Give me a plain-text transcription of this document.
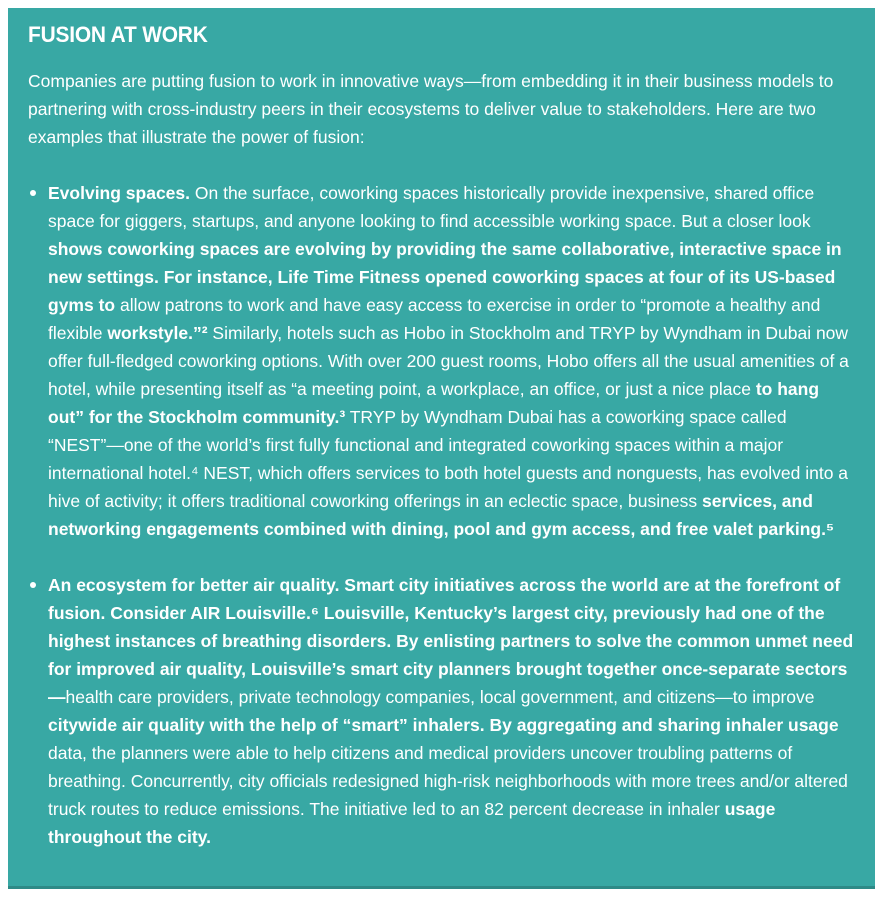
FUSION AT WORK

Companies are putting fusion to work in innovative ways—from embedding it in their business models to partnering with cross-industry peers in their ecosystems to deliver value to stakeholders. Here are two examples that illustrate the power of fusion:

Evolving spaces. On the surface, coworking spaces historically provide inexpensive, shared office space for giggers, startups, and anyone looking to find accessible working space. But a closer look shows coworking spaces are evolving by providing the same collaborative, interactive space in new settings. For instance, Life Time Fitness opened coworking spaces at four of its US-based gyms to allow patrons to work and have easy access to exercise in order to “promote a healthy and flexible workstyle.”² Similarly, hotels such as Hobo in Stockholm and TRYP by Wyndham in Dubai now offer full-fledged coworking options. With over 200 guest rooms, Hobo offers all the usual amenities of a hotel, while presenting itself as “a meeting point, a workplace, an office, or just a nice place to hang out” for the Stockholm community.³ TRYP by Wyndham Dubai has a coworking space called “NEST”—one of the world’s first fully functional and integrated coworking spaces within a major international hotel.⁴ NEST, which offers services to both hotel guests and nonguests, has evolved into a hive of activity; it offers traditional coworking offerings in an eclectic space, business services, and networking engagements combined with dining, pool and gym access, and free valet parking.⁵
An ecosystem for better air quality. Smart city initiatives across the world are at the forefront of fusion. Consider AIR Louisville.⁶ Louisville, Kentucky’s largest city, previously had one of the highest instances of breathing disorders. By enlisting partners to solve the common unmet need for improved air quality, Louisville’s smart city planners brought together once-separate sectors—health care providers, private technology companies, local government, and citizens—to improve citywide air quality with the help of “smart” inhalers. By aggregating and sharing inhaler usage data, the planners were able to help citizens and medical providers uncover troubling patterns of breathing. Concurrently, city officials redesigned high-risk neighborhoods with more trees and/or altered truck routes to reduce emissions. The initiative led to an 82 percent decrease in inhaler usage throughout the city.
